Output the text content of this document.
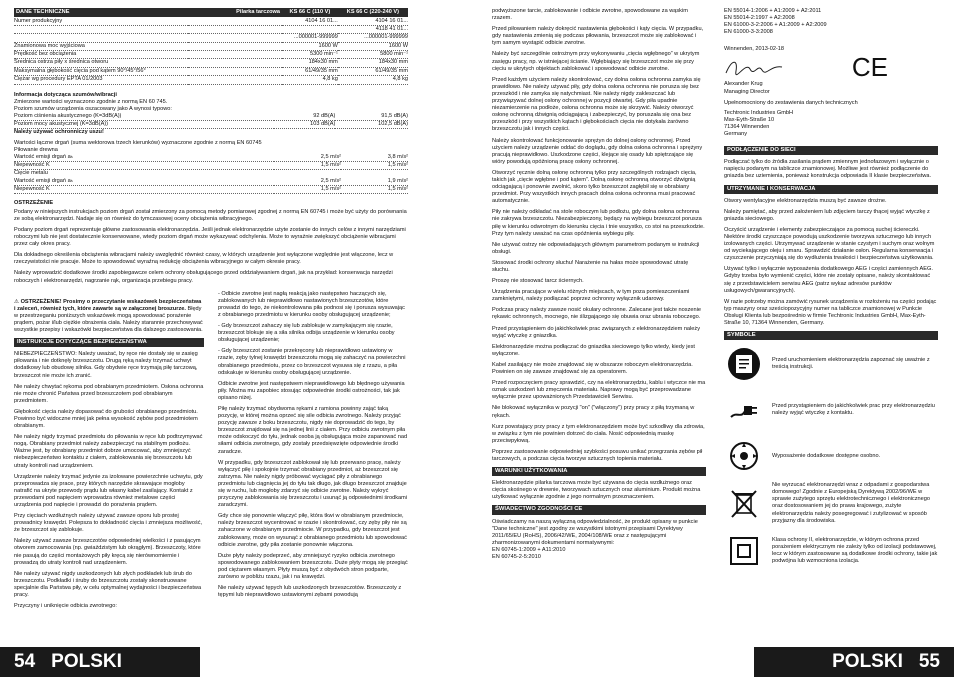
DANE TECHNICZNE	Pilarka tarczowa	KS 66 C (110 V)	KS 66 C (220-240 V)
Numer produkcyjny		4104 16 01...	4104 16 01...
			4118 41 01...
		...000001-999999	...000001-999999
Znamionowa moc wyjściowa		1600 W	1600 W
Prędkość bez obciążenia		5300 min⁻¹	5800 min⁻¹
Średnica ostrza piły x średnica otworu		184x30 mm	184x30 mm
Maksymalna głębokość cięcia pod kątem 90°/45°/56°		61/49/35 mm	61/49/35 mm
Ciężar wg procedury EPTA 01/2003		4,8 kg	4,8 kg

Informacja dotycząca szumów/wibracji

Zmierzone wartości wyznaczono zgodnie z normą EN 60 745.
Poziom szumów urządzenia oszacowany jako A wynosi typowo:

Poziom ciśnienia akustycznego (K=3dB(A))	92 dB(A)	91,5 dB(A)
Poziom mocy akustycznej (K=3dB(A))	103 dB(A)	102,5 dB(A)

Należy używać ochronniczy uszu!

Wartości łączne drgań (suma wektorowa trzech kierunków) wyznaczone zgodnie z normą EN 60745

Piłowanie drewna

Wartość emisji drgań aₕ	2,5 m/s²	3,8 m/s²
Niepewność K	1,5 m/s²	1,5 m/s²

Cięcie metalu

Wartość emisji drgań aₕ	2,5 m/s²	1,9 m/s²
Niepewność K	1,5 m/s²	1,5 m/s²

OSTRZEŻENIE

Podany w niniejszych instrukcjach poziom drgań został zmierzony za pomocą metody pomiarowej zgodnej z normą EN 60745 i może być użyty do porównania ze sobą elektronarzędzi. Nadaje się on również do tymczasowej oceny obciążenia wibracyjnego.

Podany poziom drgań reprezentuje główne zastosowania elektronarzędzia. Jeśli jednak elektronarzędzie użyte zostanie do innych celów z innymi narzędziami roboczymi lub nie jest dostatecznie konserwowane, wtedy poziom drgań może wykazywać odchylenia. Może to wyraźnie zwiększyć obciążenie wibracjami przez cały okres pracy.

Dla dokładnego określenia obciążenia wibracjami należy uwzględnić również czasy, w których urządzenie jest wyłączone względnie jest włączone, lecz w rzeczywistości nie pracuje. Może to spowodować wyraźną redukcję obciążenia wibracyjnego w całym okresie pracy.

Należy wprowadzić dodatkowe środki zapobiegawcze celem ochrony obsługującego przed oddziaływaniem drgań, jak na przykład: konserwacja narzędzi roboczych i elektronarzędzi, nagrzanie rąk, organizacja przebiegu pracy.

⚠ OSTRZEŻENIE! Prosimy o przeczytanie wskazówek bezpieczeństwa i zaleceń, również tych, które zawarte są w załączonej broszurze. Błędy w przestrzeganiu poniższych wskazówek mogą spowodować porażenie prądem, pożar i/lub ciężkie obrażenia ciała. Należy starannie przechowywać wszystkie przepisy i wskazówki bezpieczeństwa dla dalszego zastosowania.

INSTRUKCJE DOTYCZĄCE BEZPIECZEŃSTWA

NIEBEZPIECZEŃSTWO: Należy uważać, by ręce nie dostały się w zasięg piłowania i nie dotknęły brzeszczotu. Drugą ręką należy trzymać uchwyt dodatkowy lub obudowę silnika. Gdy obydwie ręce trzymają piłę tarczową, brzeszczot nie może ich zranić.

Nie należy chwytać rękoma pod obrabianym przedmiotem. Osłona ochronna nie może chronić Państwa przed brzeszczotem pod obrabianym przedmiotem.

Głębokość cięcia należy dopasować do grubości obrabianego przedmiotu. Powinno być widoczne mniej jak pełna wysokość zębów pod przedmiotem obrabianym.

Nie należy nigdy trzymać przedmiotu do piłowania w ręce lub podtrzymywać nogą. Obrabiany przedmiot należy zabezpieczyć na stabilnym podłożu. Ważne jest, by obrabiany przedmiot dobrze umocować, aby zmniejszyć niebezpieczeństwo kontaktu z ciałem, zablokowania się brzeszczotu lub utraty kontroli nad urządzeniem.

Urządzenie należy trzymać jedynie za izolowane powierzchnie uchwytu, gdy przeprowadza się prace, przy których narzędzie skrawające mogłoby natrafić na ukryte przewody prądu lub własny kabel zasilający. Kontakt z przewodami pod napięciem wprowadza również metalowe części urządzenia pod napięcie i prowadzi do porażenia prądem.

Przy cięciach wzdłużnych należy używać zawsze oporu lub prostej prowadnicy krawędzi. Polepsza to dokładność cięcia i zmniejsza możliwość, że brzeszczot się zablokuje.

Należy używać zawsze brzeszczotów odpowiedniej wielkości i z pasującym otworem zamocowania (np. gwiaździstym lub okrągłym). Brzeszczoty, które nie pasują do części montażowych piły kręcą się nierównomiernie i prowadzą do utraty kontroli nad urządzeniem.

Nie należy używać nigdy uszkodzonych lub złych podkładek lub śrub do brzeszczotu. Podkładki i śruby do brzeszczotu zostały skonstruowane specjalnie dla Państwa piły, w celu optymalnej wydajności i bezpieczeństwa pracy.

Przyczyny i uniknięcie odbicia zwrotnego:

- Odbicie zwrotne jest nagłą reakcją jako następstwo haczących się, zablokowanych lub nieprawidłowo nastawionych brzeszczotów, które prowadzi do tego, że niekontrolowana piła podnosi się i porusza wysuwając z obrabianego przedmiotu w kierunku osoby obsługującej urządzenie;

- Gdy brzeszczot zahaczy się lub zablokuje w zamykającym się rzazie, brzeszczot blokuje się a siła silnika odbija urządzenie w kierunku osoby obsługującej urządzenie;

- Gdy brzeszczot zostanie przekręcony lub nieprawidłowo ustawiony w rzazie, zęby tylnej krawędzi brzeszczotu mogą się zahaczyć na powierzchni obrabianego przedmiotu, przez co brzeszczot wysuwa się z rzazu, a piła odskakuje w kierunku osoby obsługującej urządzenie.

Odbicie zwrotne jest następstwem nieprawidłowego lub błędnego używania piły. Można mu zapobiec stosując odpowiednie środki ostrożności, tak jak opisano niżej.

Piłę należy trzymać obydwoma rękami z ramiona powinny zająć taką pozycję, w której można oprzeć się sile odbicia zwrotnego. Należy przyjąć pozycję zawsze z boku brzeszczotu, nigdy nie doprowadzić do tego, by brzeszczot znajdował się na jednej linii z ciałem. Przy odbiciu zwrotnym piła może odskoczyć do tyłu, jednak osoba ją obsługująca może zapanować nad siłami odbicia zwrotnego, gdy zostały przedsięwzięte odpowiednie środki zaradcze.

W przypadku, gdy brzeszczot zablokował się lub przerwano pracę, należy wyłączyć piłę i spokojnie trzymać obrabiany przedmiot, aż brzeszczot się zatrzyma. Nie należy nigdy próbować wyciągać piły z obrabianego przedmiotu lub ciągnięcia jej do tyłu tak długo, jak długo brzeszczot znajduje się w ruchu, lub mogłoby zdarzyć się odbicie zwrotne. Należy wykryć przyczynę zablokowania się brzeszczotu i usunąć ją odpowiednimi środkami zaradczymi.

Gdy chce się ponownie włączyć piłę, która tkwi w obrabianym przedmiocie, należy brzeszczot wycentrować w rzazie i skontrolować, czy zęby piły nie są zahaczone w obrabianym przedmiocie. W przypadku, gdy brzeszczot jest zablokowany, może on wysunąć z obrabianego przedmiotu lub spowodować odbicie zwrotne, gdy piła zostanie ponownie włączona.

Duże płyty należy podeprzeć, aby zmniejszyć ryzyko odbicia zwrotnego spowodowanego zablokowaniem brzeszczotu. Duże płyty mogą się przegiąć pod ciężarem własnym. Płyty muszą być z obydwóch stron podparte, zarówno w pobliżu rzazu, jak i na krawędzi.

Nie należy używać tępych lub uszkodzonych brzeszczotów. Brzeszczoty z tępymi lub nieprawidłowo ustawionymi zębami powodują

54 POLSKI

podwyższone tarcie, zablokowanie i odbicie zwrotne, spowodowane za wąskim rzazem.

Przed piłowaniem należy dokręcić nastawienia głębokości i kąty cięcia. W przypadku, gdy nastawienia zmienią się podczas piłowania, brzeszczot może się zablokować i tym samym wystąpić odbicie zwrotne.

Należy być szczególnie ostrożnym przy wykonywaniu „cięcia wgłębnego” w ukrytym zasięgu pracy, np. w istniejącej ścianie. Wgłębiający się brzeszczot może się przy cięciu w ukrytych objektach zablokować i spowodować odbicie zwrotne.

Przed każdym użyciem należy skontrolować, czy dolna osłona ochronna zamyka się prawidłowo. Nie należy używać piły, gdy dolna osłona ochronna nie porusza się bez przeszkód i nie zamyka się natychmiast. Nie należy nigdy zakleszczać lub przywiązywać dolnej osłony ochronnej w pozycji otwartej. Gdy piła upadnie niezamierzenie na podłoże, osłona ochronna może się skrzywić. Należy otworzyć osłonę ochronną dźwignią odciągającą i zabezpieczyć, by poruszała się ona bez przeszkód i przy wszystkich kątach i głębokościach cięcia nie dotykała żarówno brzeszczotu jak i innych części.

Należy skontrolować funkcjonowanie sprężyn do dolnej osłony ochronnej. Przed użyciem należy urządzenie oddać do doglądu, gdy dolna osłona ochronna i sprężyny pracują nieprawidłowo. Uszkodzone części, klejące się osady lub spiętrzające się wióry powodują opóźnioną pracę osłony ochronnej.

Otworzyć ręcznie dolną osłonę ochronną tylko przy szczególnych rodzajach cięcia, takich jak „cięcie wgłębne i pod kątem”. Dolną osłonę ochronną otworzyć dźwignią odciągającą i ponownie zwolnić, skoro tylko brzeszczot zagłębił się w obrabiany przedmiot. Przy wszystkich innych pracach dolna osłona ochronna musi pracować automatycznie.

Piły nie należy odkładać na stole roboczym lub podłożu, gdy dolna osłona ochronna nie zakrywa brzeszczotu. Niezabezpieczony, będący na wybiegu brzeszczot porusza piłę w kierunku odwrotnym do kierunku cięcia i tnie wszystko, co stoi na przeszkodzie. Przy tym należy uważać na czas opóźnienia wybiegu piły.

Nie używać ostrzy nie odpowiadających głównym parametrom podanym w instrukcji obsługi.

Stosować środki ochrony słuchu! Narażenie na hałas może spowodować utratę słuchu.

Proszę nie stosować tarcz ściernych.

Urządzenia pracujące w wielu różnych miejscach, w tym poza pomieszczeniami zamkniętymi, należy podłączać poprzez ochronny wyłącznik udarowy.

Podczas pracy należy zawsze nosić okulary ochronne. Zalecane jest także noszenie rękawic ochronnych, mocnego, nie ślizgającego się obuwia oraz ubrania roboczego.

Przed przystąpieniem do jakichkolwiek prac związanych z elektronarzędziem należy wyjąć wtyczkę z gniazdka.

Elektronarzędzie można podłączać do gniazdka sieciowego tylko wtedy, kiedy jest wyłączone.

Kabel zasilający nie może znajdować się w obszarze roboczym elektronarzędzia. Powinien on się zawsze znajdować się za operatorem.

Przed rozpoczęciem pracy sprawdzić, czy na elektronarzędziu, kablu i wtyczce nie ma oznak uszkodzeń lub zmęczenia materiału. Naprawy mogą być przeprowadzane wyłącznie przez upoważnionych Przedstawicieli Serwisu.

Nie blokować wyłącznika w pozycji "on" ("włączony") przy pracy z piłą trzymaną w rękach.

Kurz powstający przy pracy z tym elektronarzędziem może być szkodliwy dla zdrowia, w związku z tym nie powinien dotrzeć do ciała. Nosić odpowiednią maskę przeciwpyłową.

Poprzez zastosowanie odpowiedniej szybkości posuwu unikać przegrzania zębów pił tarczowych, a podczas cięcia tworzyw sztucznych topienia materiału.

WARUNKI UŻYTKOWANIA

Elektronarzędzie pilarka tarczowa może być używana do cięcia wzdłużnego oraz cięcia skośnego w drewnie, tworzywach sztucznych oraz aluminium. Produkt można użytkować wyłącznie zgodnie z jego normalnym przeznaczeniem.

ŚWIADECTWO ZGODNOŚCI CE

Oświadczamy na naszą wyłączną odpowiedzialność, że produkt opisany w punkcie "Dane techniczne" jest zgodny ze wszystkimi istotnymi przepisami Dyrektywy 2011/65/EU (RoHS), 2006/42/WE, 2004/108/WE oraz z następującymi zharmonizowanymi dokumentami normatywnymi:

EN 60745-1:2009 + A11:2010
EN 60745-2-5:2010
EN 55014-1:2006 + A1:2009 + A2:2011
EN 55014-2:1997 + A2:2008
EN 61000-3-2:2006 + A1:2009 + A2:2009
EN 61000-3-3:2008
Winnenden, 2013-02-18
CE
Alexander Krug
Managing Director
Upełnomocniony do zestawienia danych technicznych
Techtronic Industries GmbH
Max-Eyth-Straße 10
71364 Winnenden
Germany
PODŁĄCZENIE DO SIECI

Podłączać tylko do źródła zasilania prądem zmiennym jednofazowym i wyłącznie o napięciu podanym na tabliczce znamionowej. Możliwe jest również podłączenie do gniazda bez uziemienia, ponieważ konstrukcja odpowiada II klasie bezpieczeństwa.

UTRZYMANIE I KONSERWACJA

Otwory wentylacyjne elektronarzędzia muszą być zawsze drożne.

Należy pamiętać, aby przed założeniem lub zdjęciem tarczy thącej wyjąć wtyczkę z gniazda sieciowego.

Oczyścić urządzenie i elementy zabezpieczające za pomocą suchej ściereczki. Niektóre środki czyszczące powodują uszkodzenie tworzywa sztucznego lub innych izolowanych części. Utrzymywać urządzenie w stanie czystym i suchym oraz wolnym od wyciekającego oleju i smaru. Sprawdzić działanie osłon. Regularna konserwacja i czyszczenie przyczyniają się do wydłużenia trwałości i bezpieczeństwa użytkowania.

Używać tylko i wyłącznie wyposażenia dodatkowego AEG i części zamiennych AEG. Gdyby trzeba było wymienić części, które nie zostały opisane, należy skontaktować się z przedstawicielem serwisu AEG (patrz wykaz adresów punktów usługowych/gwarancyjnych).

W razie potrzeby można zamówić rysunek urządzenia w rozłożeniu na części podając typ maszyny oraz sześciopozycyjny numer na tabliczce znamionowej w Punkcie Obsługi Klienta lub bezpośrednio w firmie Techtronic Industries GmbH, Max-Eyth-Straße 10, 71364 Winnenden, Germany.

SYMBOLE
Przed uruchomieniem elektronarzędzia zapoznać się uważnie z treścią instrukcji.
Przed przystąpieniem do jakichkolwiek prac przy elektronarzędziu należy wyjąć wtyczkę z kontaktu.
Wyposażenie dodatkowe dostępne osobno.
Nie wyrzucać elektronarzędzi wraz z odpadami z gospodarstwa domowego! Zgodnie z Europejską Dyrektywą 2002/96/WE w sprawie zużytego sprzętu elektrotechnicznego i elektronicznego oraz dostosowaniem jej do prawa krajowego, zużyte elektronarzędzia należy posegregować i zutylizować w sposób przyjazny dla środowiska.
Klasa ochrony II, elektronarzędzie, w którym ochrona przed porażeniem elektrycznym nie zależy tylko od izolacji podstawowej, lecz w którym zastosowane są dodatkowe środki ochrony, takie jak podwójna lub wzmocniona izolacja.
POLSKI 55
